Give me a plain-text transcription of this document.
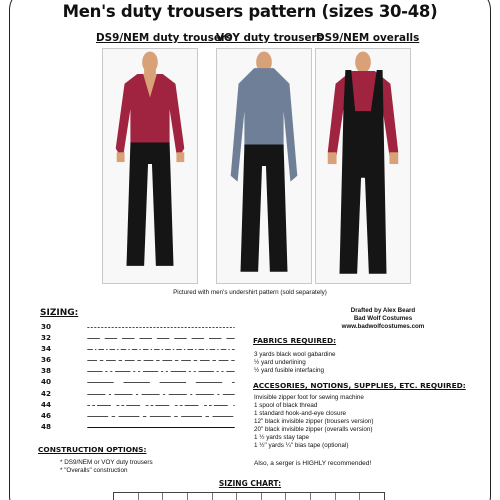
Men's duty trousers pattern (sizes 30-48)
DS9/NEM duty trousers
VOY duty trousers
DS9/NEM overalls
Pictured with men's undershirt pattern (sold separately)
SIZING:
30
32
34
36
38
40
42
44
46
48
Drafted by Alex Beard
Bad Wolf Costumes
www.badwolfcostumes.com
FABRICS REQUIRED:
3 yards black wool gabardine
½ yard underlining
½ yard fusible interfacing
ACCESORIES, NOTIONS, SUPPLIES, ETC. REQUIRED:
Invisible zipper foot for sewing machine
1 spool of black thread
1 standard hook-and-eye closure
12" black invisible zipper (trousers version)
20" black invisible zipper (overalls version)
1 ½ yards stay tape
1 ½" yards ¼" bias tape (optional)
Also, a serger is HIGHLY recommended!
CONSTRUCTION OPTIONS:
* DS9/NEM or VOY duty trousers
* "Overalls" construction
SIZING CHART:
